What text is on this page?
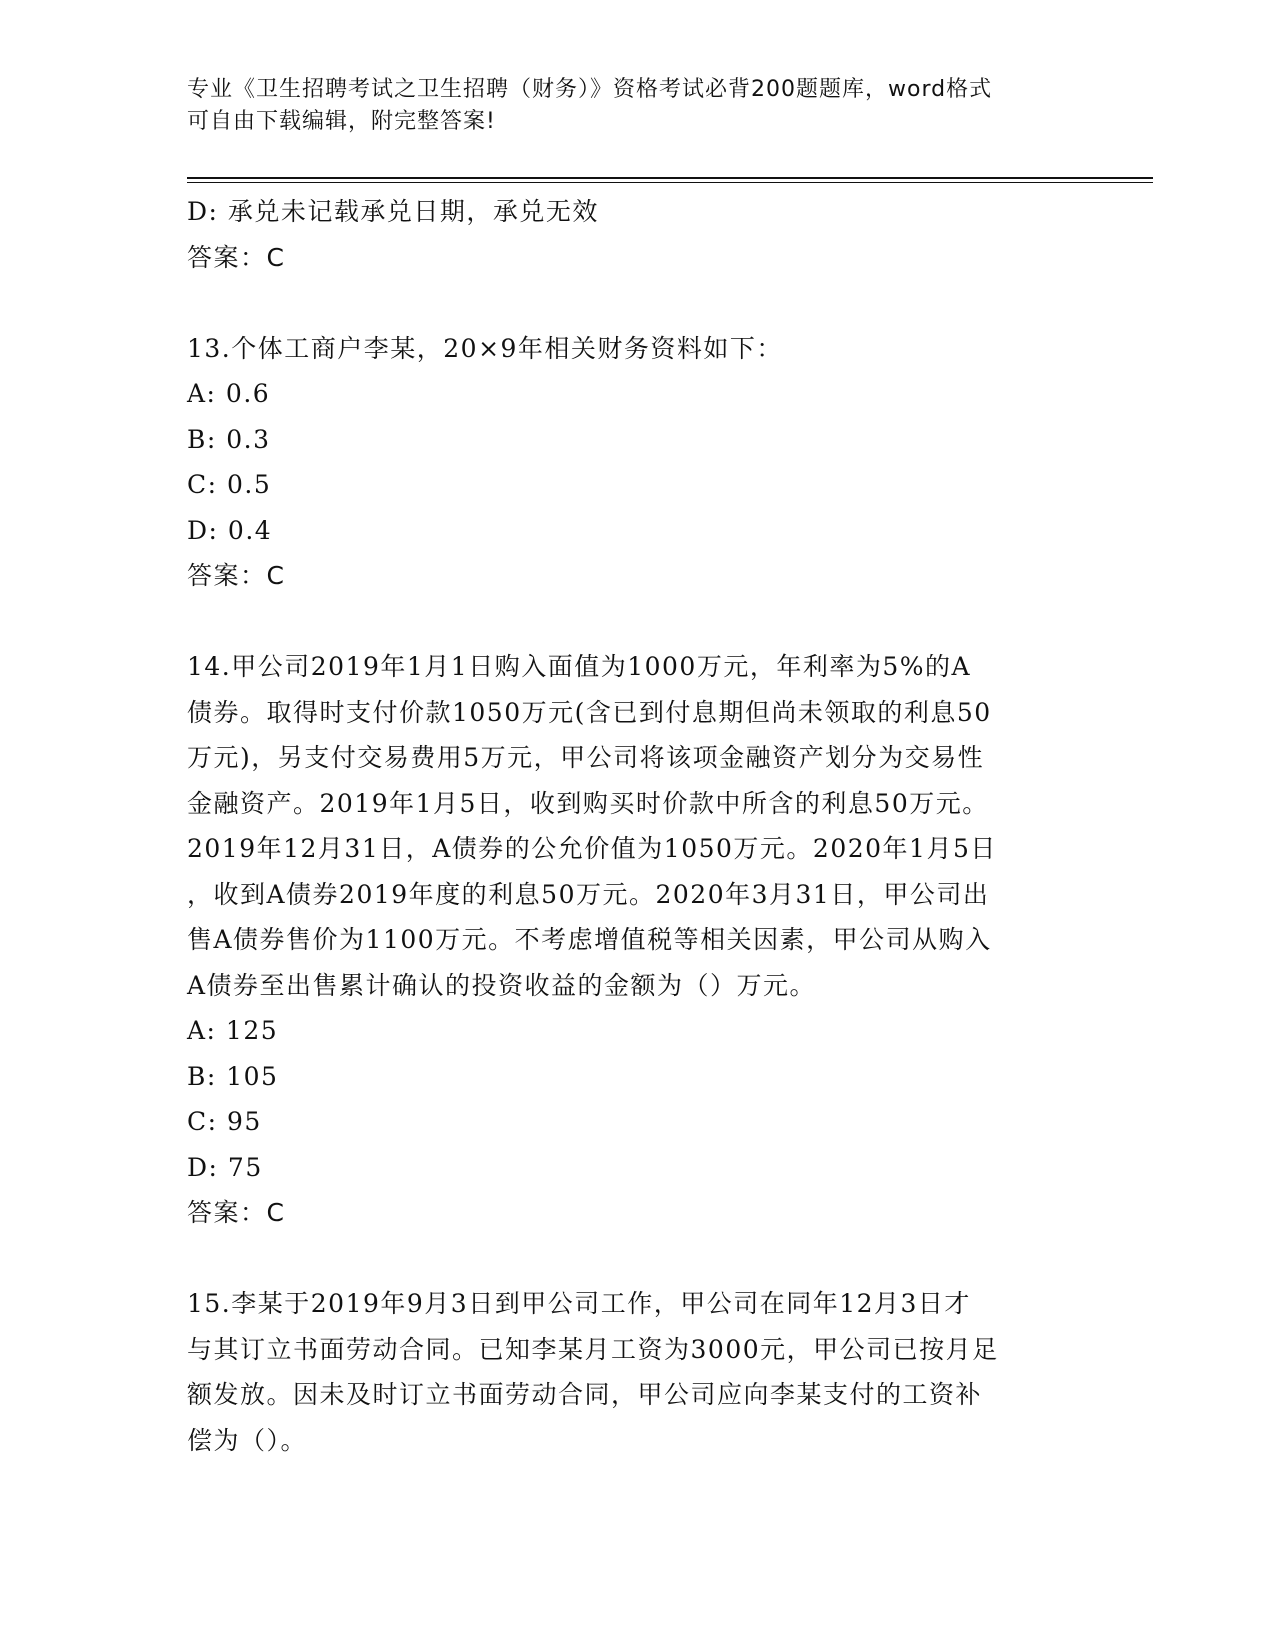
专业《卫生招聘考试之卫生招聘（财务）》资格考试必背200题题库，word格式
可自由下载编辑，附完整答案!
D: 承兑未记载承兑日期，承兑无效
答案：C
13.个体工商户李某，20×9年相关财务资料如下：
A: 0.6
B: 0.3
C: 0.5
D: 0.4
答案：C
14.甲公司2019年1月1日购入面值为1000万元，年利率为5%的A
债券。取得时支付价款1050万元(含已到付息期但尚未领取的利息50
万元)，另支付交易费用5万元，甲公司将该项金融资产划分为交易性
金融资产。2019年1月5日，收到购买时价款中所含的利息50万元。
2019年12月31日，A债券的公允价值为1050万元。2020年1月5日
，收到A债券2019年度的利息50万元。2020年3月31日，甲公司出
售A债券售价为1100万元。不考虑增值税等相关因素，甲公司从购入
A债券至出售累计确认的投资收益的金额为（）万元。
A: 125
B: 105
C: 95
D: 75
答案：C
15.李某于2019年9月3日到甲公司工作，甲公司在同年12月3日才
与其订立书面劳动合同。已知李某月工资为3000元，甲公司已按月足
额发放。因未及时订立书面劳动合同，甲公司应向李某支付的工资补
偿为（）。
